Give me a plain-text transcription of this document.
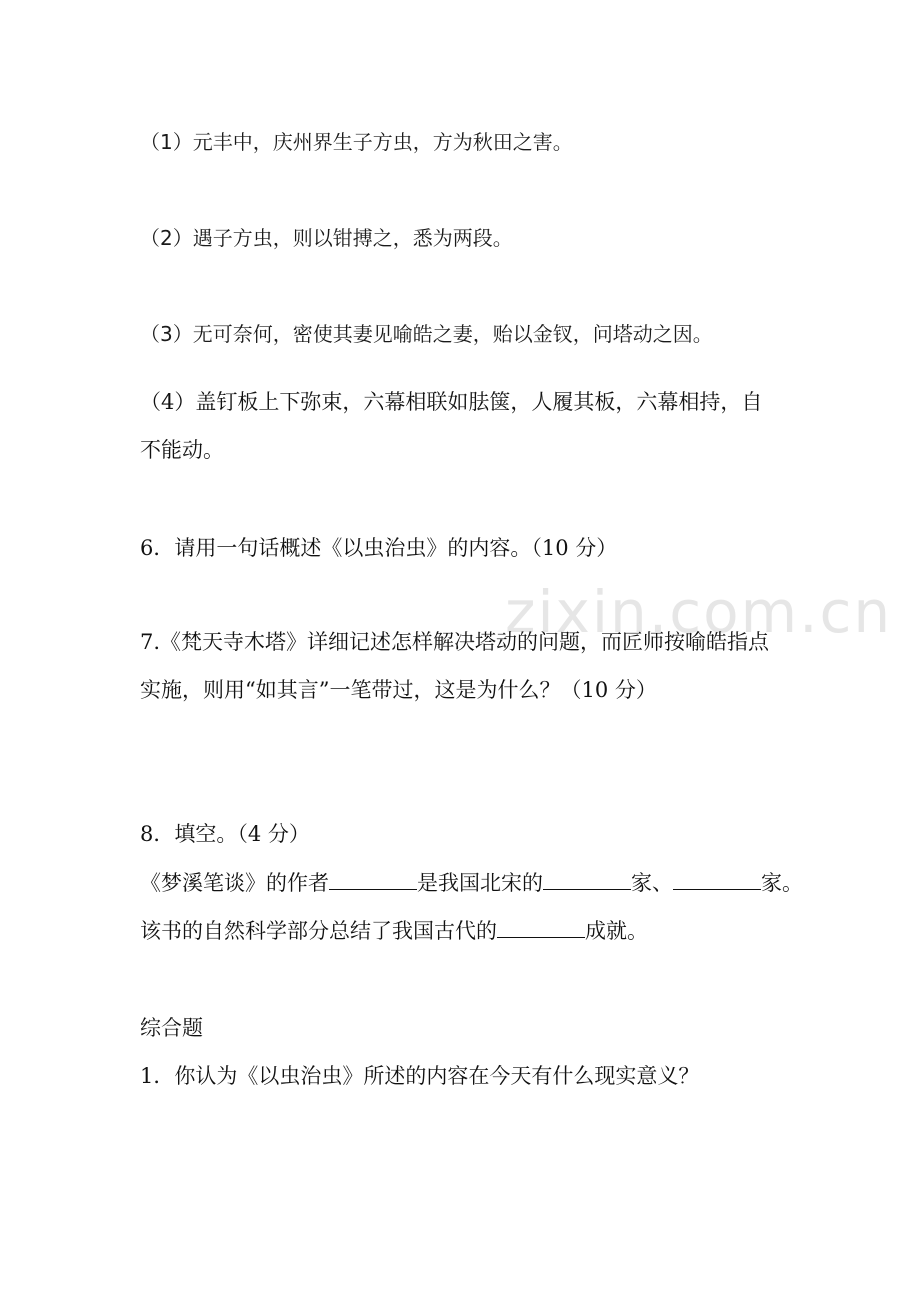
zixin.com.cn
（1）元丰中，庆州界生子方虫，方为秋田之害。
（2）遇子方虫，则以钳搏之，悉为两段。
（3）无可奈何，密使其妻见喻皓之妻，贻以金钗，问塔动之因。
（4）盖钉板上下弥束，六幕相联如胠箧，人履其板，六幕相持，自
不能动。
6．请用一句话概述《以虫治虫》的内容。（10 分）
7.《梵天寺木塔》详细记述怎样解决塔动的问题，而匠师按喻皓指点
实施，则用“如其言”一笔带过，这是为什么？（10 分）
8．填空。（4 分）
《梦溪笔谈》的作者	是我国北宋的	家、	家。
该书的自然科学部分总结了我国古代的	成就。
综合题
1．你认为《以虫治虫》所述的内容在今天有什么现实意义？
